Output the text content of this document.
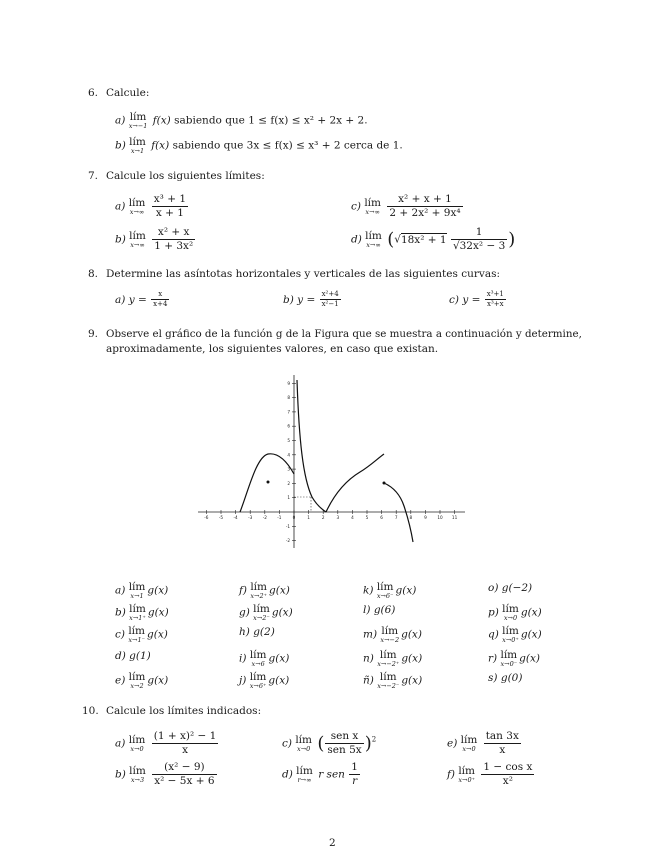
6. Calcule:
a) lím
x→−1 f(x) sabiendo que 1 ≤ f(x) ≤ x² + 2x + 2.
b) lím
x→1 f(x) sabiendo que 3x ≤ f(x) ≤ x³ + 2 cerca de 1.
7. Calcule los siguientes límites:
a) lím
x→∞
$\frac{\text{x³ + 1}}{x + 1}$
b) lím
x→∞
$\frac{\text{x² + x}}{\text{1 + 3x²}}$
c) lím
x→∞
$\frac{\text{x² + x + 1}}{\text{2 + 2x² + 9x⁴}}$
d) lím
x→∞ ($√18x^2 + 1 \frac{1}{\text{√32x² − 3}}$ )
8. Determine las asíntotas horizontales y verticales de las siguientes curvas:
a) $y = \frac{x}{x+4}$	b) $y = \frac{\text{x²+4}}{\text{x²−1}}$	c) $y = \frac{\text{x³+1}}{\text{x³+x}}$
9. Observe el gráfico de la función g de la Figura que se muestra a continuación y determine,
aproximadamente, los siguientes valores, en caso que existan.
-6 -5 -4 -3 -2 -1	0	1	2	3	4	5	6	7	8	9	10 11
9
8
7
6
5
4
3
2
1
-1
-2
a) lím
x→1 g(x)
b) lím
x→1⁺ g(x)
c) lím
x→1⁻ g(x)
d) g(1)
e) lím
x→2 g(x)
f) lím
x→2⁺ g(x)
g) lím
x→2⁻ g(x)
h) g(2)
i) lím
x→6 g(x)
j) lím
x→6⁺ g(x)
k) lím
x→6⁻ g(x)
l) g(6)
m) lím
x→−2 g(x)
n) lím
x→−2⁺ g(x)
ñ) lím
x→−2⁻ g(x)
o) g(−2)
p) lím
x→0 g(x)
q) lím
x→0⁺ g(x)
r) lím
x→0⁻ g(x)
s) g(0)
10. Calcule los límites indicados:
a) lím
x→0
$\frac{\text{(1 + x)² − 1}}{x}$
b) lím
x→3
$\frac{\text{(x² − 9)}}{\text{x² − 5x + 6}}$
c) lím
x→0 ( $\frac{\text{sen x}}{\text{sen 5x}} )^2$
d) lím
r→∞ r sen $\frac{1}{r}$
e) lím
x→0
$\frac{\tan 3x}{x}$
f) lím
x→0⁺
$\frac{\text{1 − cos x}}{\text{x²}}$
2
